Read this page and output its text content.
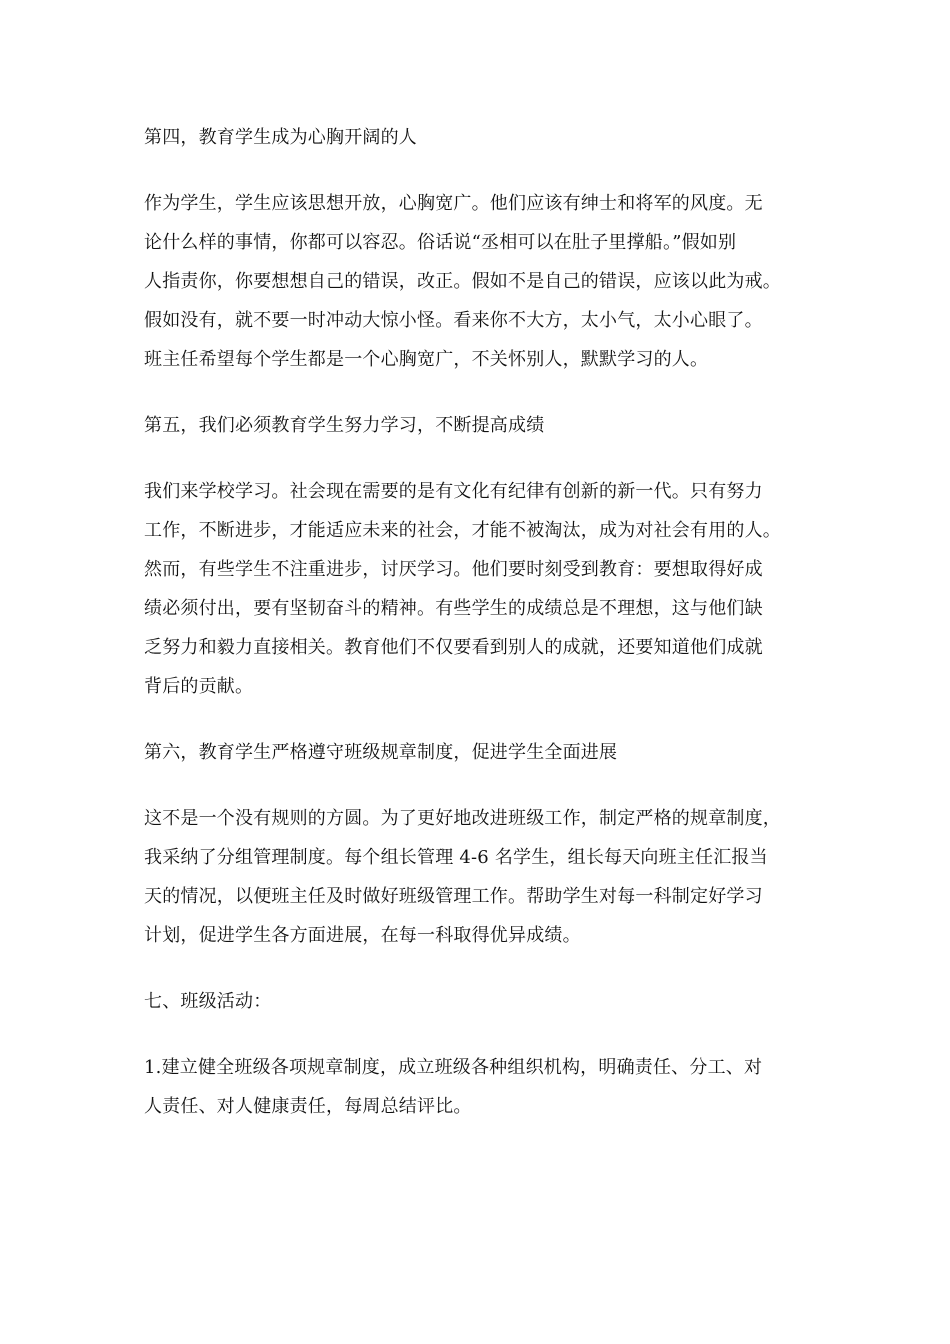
第四，教育学生成为心胸开阔的人
作为学生，学生应该思想开放，心胸宽广。他们应该有绅士和将军的风度。无
论什么样的事情，你都可以容忍。俗话说“丞相可以在肚子里撑船。”假如别
人指责你，你要想想自己的错误，改正。假如不是自己的错误，应该以此为戒。
假如没有，就不要一时冲动大惊小怪。看来你不大方，太小气，太小心眼了。
班主任希望每个学生都是一个心胸宽广，不关怀别人，默默学习的人。
第五，我们必须教育学生努力学习，不断提高成绩
我们来学校学习。社会现在需要的是有文化有纪律有创新的新一代。只有努力
工作，不断进步，才能适应未来的社会，才能不被淘汰，成为对社会有用的人。
然而，有些学生不注重进步，讨厌学习。他们要时刻受到教育：要想取得好成
绩必须付出，要有坚韧奋斗的精神。有些学生的成绩总是不理想，这与他们缺
乏努力和毅力直接相关。教育他们不仅要看到别人的成就，还要知道他们成就
背后的贡献。
第六，教育学生严格遵守班级规章制度，促进学生全面进展
这不是一个没有规则的方圆。为了更好地改进班级工作，制定严格的规章制度，
我采纳了分组管理制度。每个组长管理 4-6 名学生，组长每天向班主任汇报当
天的情况，以便班主任及时做好班级管理工作。帮助学生对每一科制定好学习
计划，促进学生各方面进展，在每一科取得优异成绩。
七、班级活动：
1.建立健全班级各项规章制度，成立班级各种组织机构，明确责任、分工、对
人责任、对人健康责任，每周总结评比。
